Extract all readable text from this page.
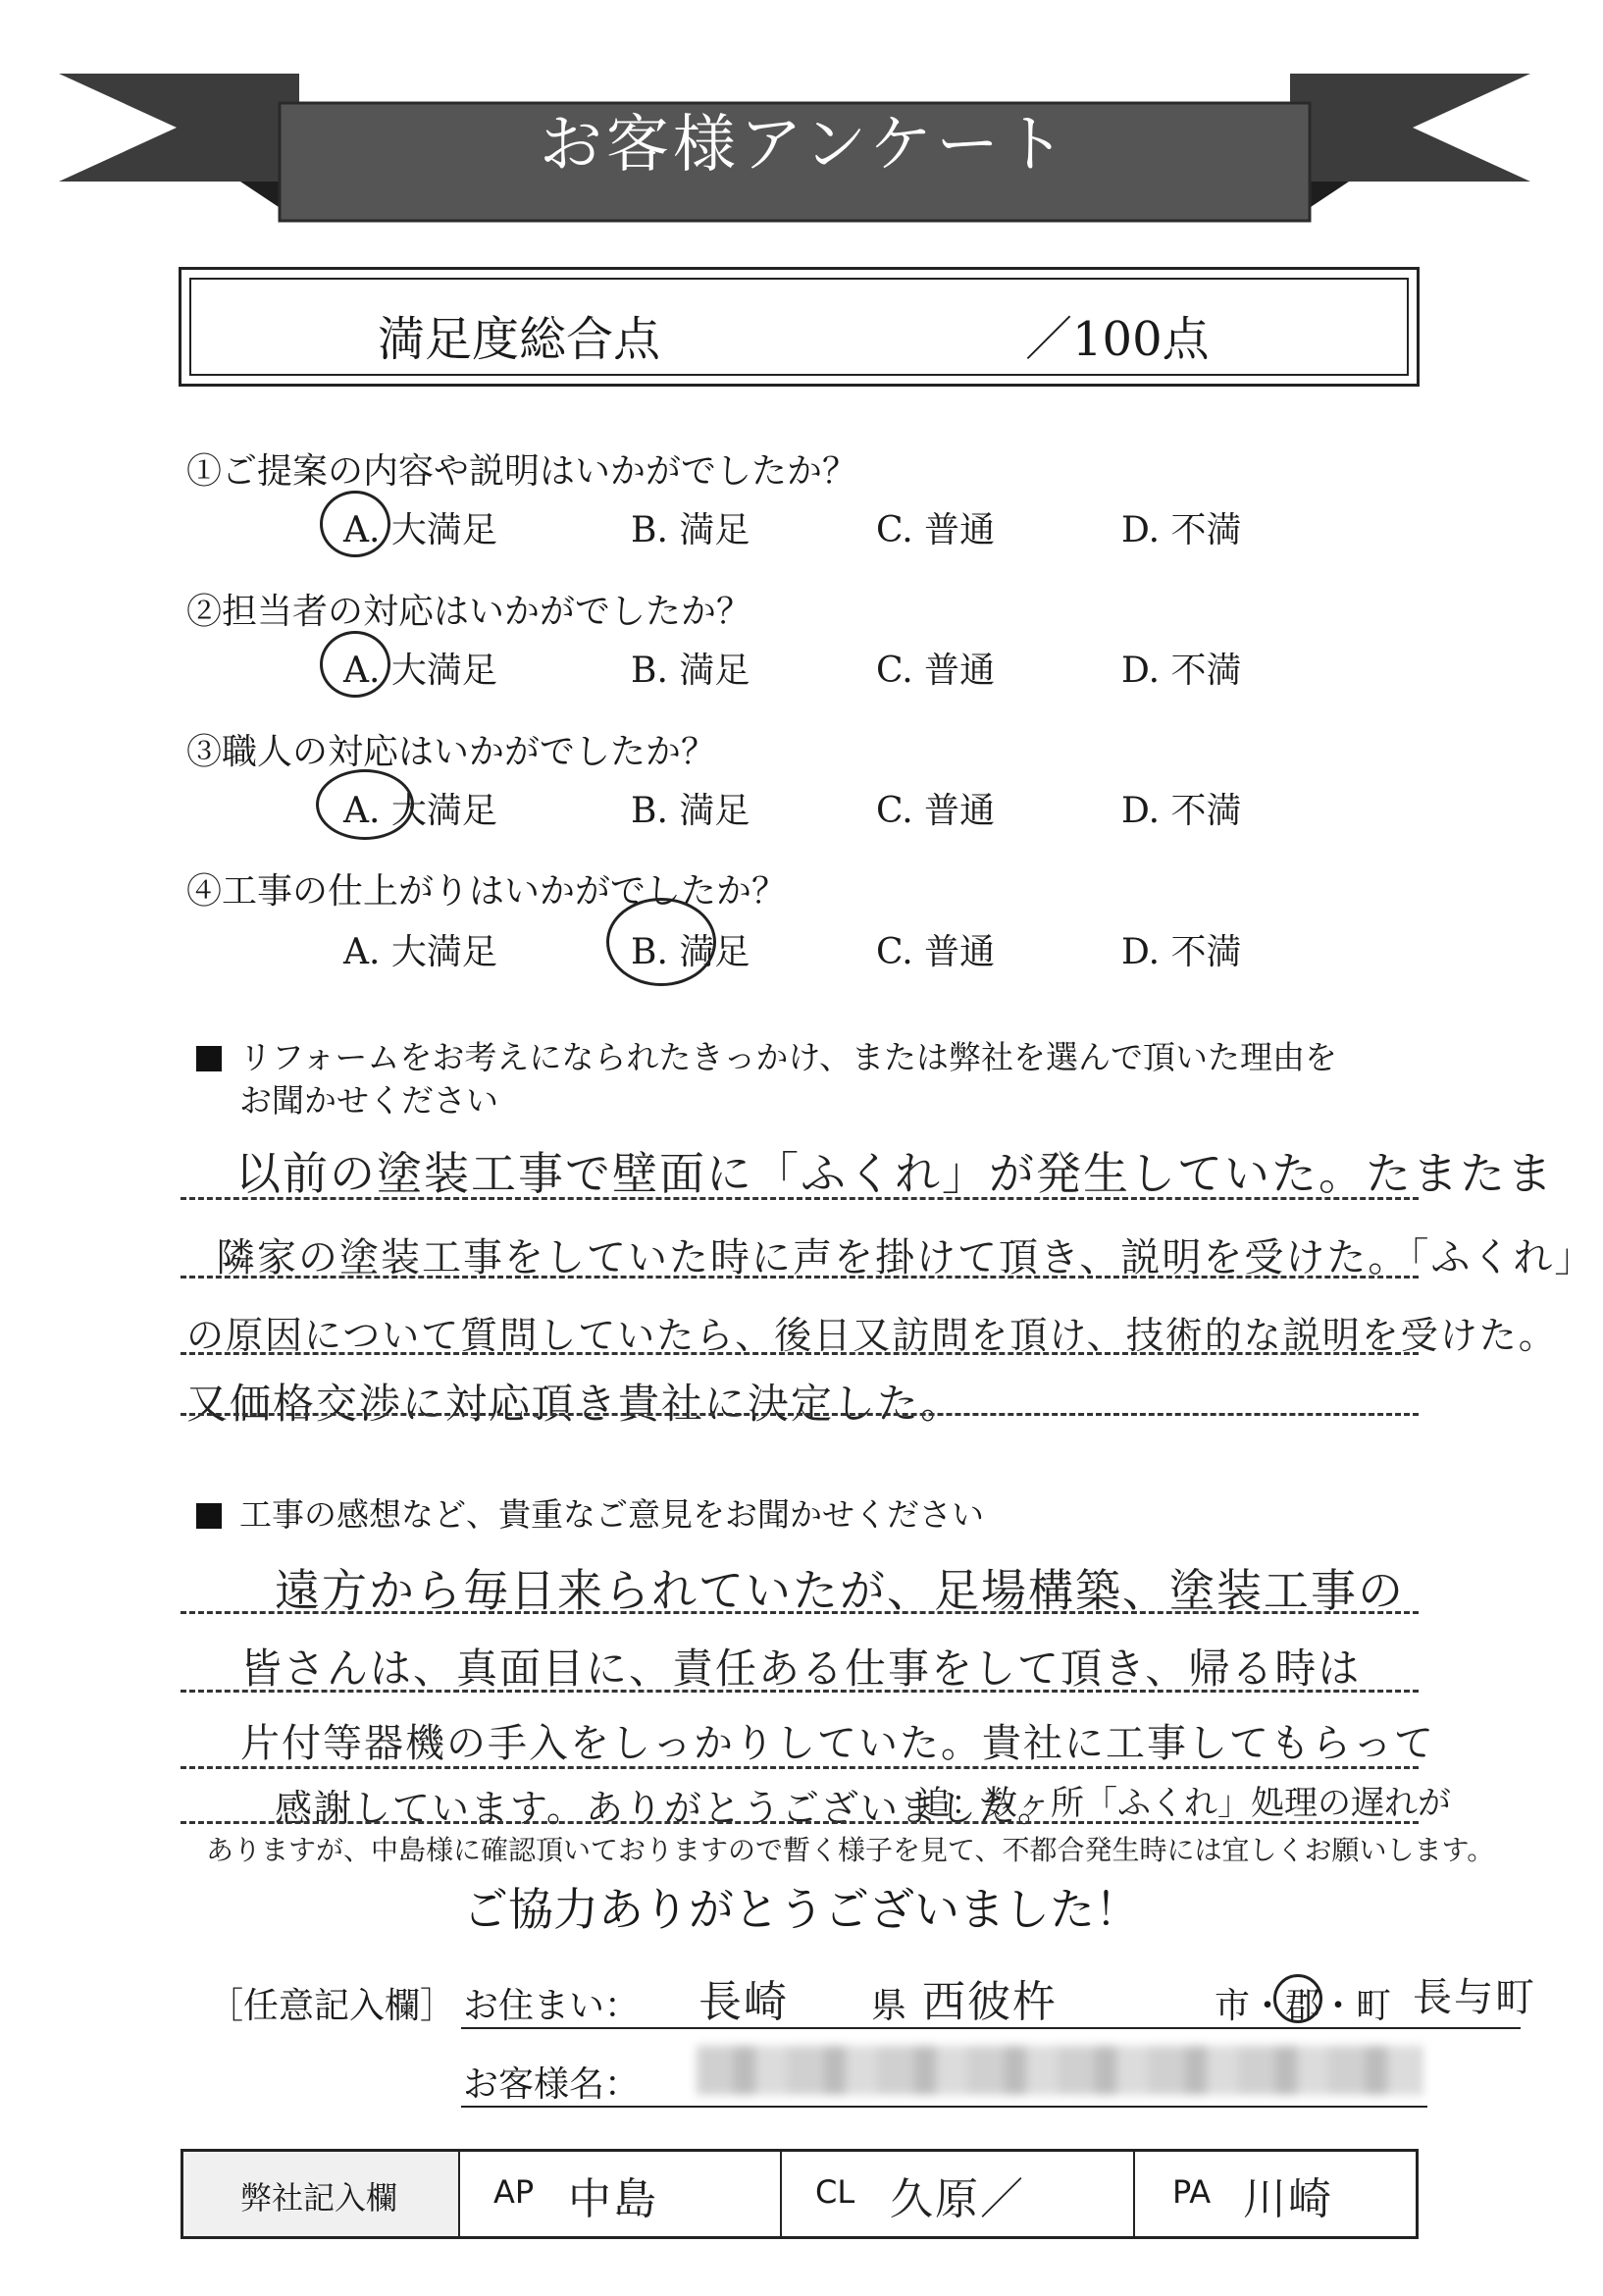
お客様アンケート
満足度総合点	／100点
①ご提案の内容や説明はいかがでしたか？
A. 大満足	B. 満足	C. 普通	D. 不満
②担当者の対応はいかがでしたか？
A. 大満足	B. 満足	C. 普通	D. 不満
③職人の対応はいかがでしたか？
A. 大満足	B. 満足	C. 普通	D. 不満
④工事の仕上がりはいかがでしたか？
A. 大満足	B. 満足	C. 普通	D. 不満
リフォームをお考えになられたきっかけ、または弊社を選んで頂いた理由を
お聞かせください
以前の塗装工事で壁面に「ふくれ」が発生していた。たまたま
隣家の塗装工事をしていた時に声を掛けて頂き、説明を受けた。「ふくれ」
の原因について質問していたら、後日又訪問を頂け、技術的な説明を受けた。
又価格交渉に対応頂き貴社に決定した。
工事の感想など、貴重なご意見をお聞かせください
遠方から毎日来られていたが、足場構築、塗装工事の
皆さんは、真面目に、責任ある仕事をして頂き、帰る時は
片付等器機の手入をしっかりしていた。貴社に工事してもらって
感謝しています。ありがとうございました。
追：数ヶ所「ふくれ」処理の遅れが
ありますが、中島様に確認頂いておりますので暫く様子を見て、不都合発生時には宜しくお願いします。
ご協力ありがとうございました！
［任意記入欄］ お住まい： 長崎 県 西彼杵	市・郡・町 長与町
お客様名：
弊社記入欄	AP 中島	CL 久原／	PA 川崎
